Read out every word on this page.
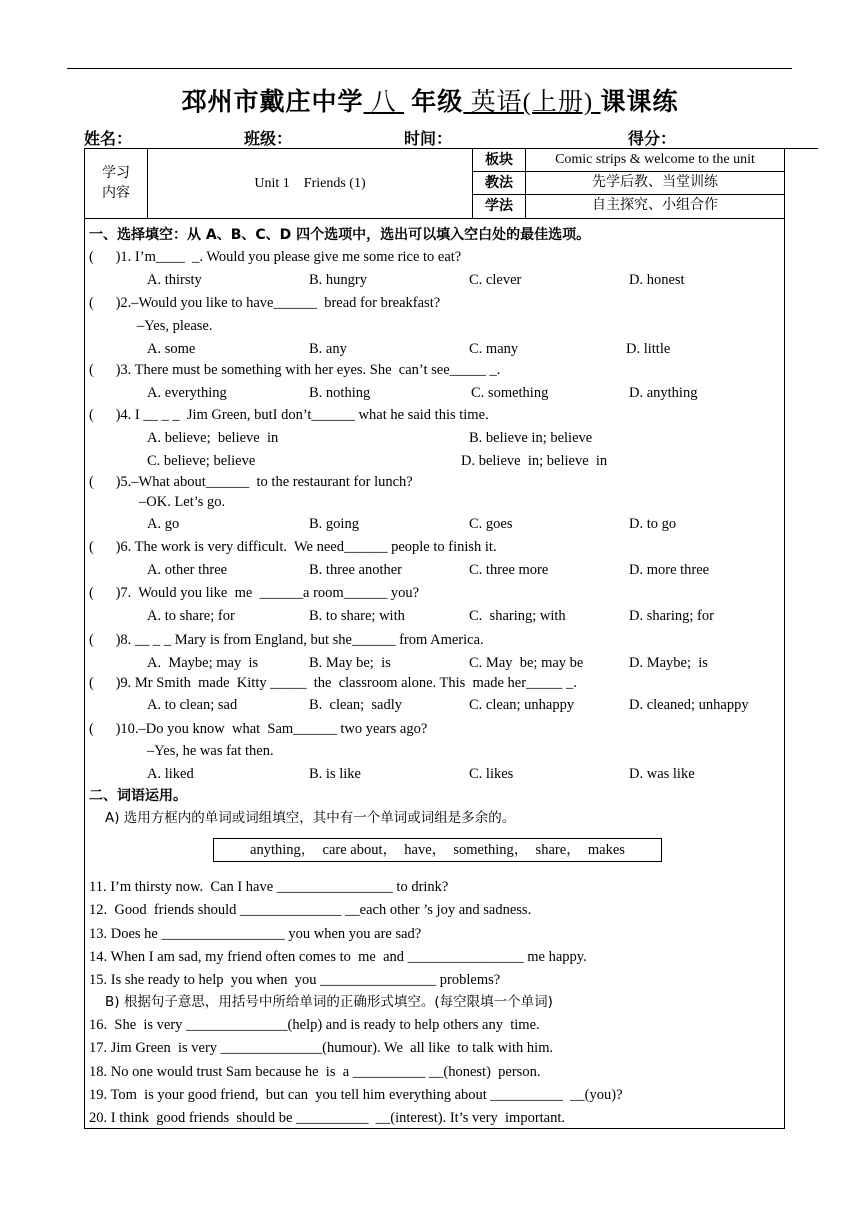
邳州市戴庄中学 八 年级 英语(上册) 课课练
姓名：	班级：	时间：	得分：
学习
内容
Unit 1    Friends (1)
板块	Comic strips & welcome to the unit
教法	先学后教、当堂训练
学法	自主探究、小组合作
一、选择填空：从 A、B、C、D 四个选项中，选出可以填入空白处的最佳选项。
(      )1. I’m____  _. Would you please give me some rice to eat?
A. thirsty	B. hungry	C. clever	D. honest
(      )2.–Would you like to have______  bread for breakfast?
–Yes, please.
A. some	B. any	C. many	D. little
(      )3. There must be something with her eyes. She  can’t see_____ _.
A. everything	B. nothing	C. something	D. anything
(      )4. I __ _ _  Jim Green, butI don’t______ what he said this time.
A. believe;  believe  in	B. believe in; believe
C. believe; believe	D. believe  in; believe  in
(      )5.–What about______  to the restaurant for lunch?
–OK. Let’s go.
A. go	B. going	C. goes	D. to go
(      )6. The work is very difficult.  We need______ people to finish it.
A. other three	B. three another	C. three more	D. more three
(      )7.  Would you like  me  ______a room______ you?
A. to share; for	B. to share; with	C.  sharing; with	D. sharing; for
(      )8. __ _ _ Mary is from England, but she______ from America.
A.  Maybe; may  is	B. May be;  is	C. May  be; may be	D. Maybe;  is
(      )9. Mr Smith  made  Kitty _____  the  classroom alone. This  made her_____ _.
A. to clean; sad	B.  clean;  sadly	C. clean; unhappy	D. cleaned; unhappy
(      )10.–Do you know  what  Sam______ two years ago?
–Yes, he was fat then.
A. liked	B. is like	C. likes	D. was like
二、词语运用。
A) 选用方框内的单词或词组填空，其中有一个单词或词组是多余的。
anything，  care about，  have，  something，  share，  makes
11. I’m thirsty now.  Can I have ________________ to drink?
12.  Good  friends should ______________ __each other ’s joy and sadness.
13. Does he _________________ you when you are sad?
14. When I am sad, my friend often comes to  me  and ________________ me happy.
15. Is she ready to help  you when  you ________________ problems?
B) 根据句子意思，用括号中所给单词的正确形式填空。(每空限填一个单词)
16.  She  is very ______________(help) and is ready to help others any  time.
17. Jim Green  is very ______________(humour). We  all like  to talk with him.
18. No one would trust Sam because he  is  a __________ __(honest)  person.
19. Tom  is your good friend,  but can  you tell him everything about __________  __(you)?
20. I think  good friends  should be __________  __(interest). It’s very  important.
